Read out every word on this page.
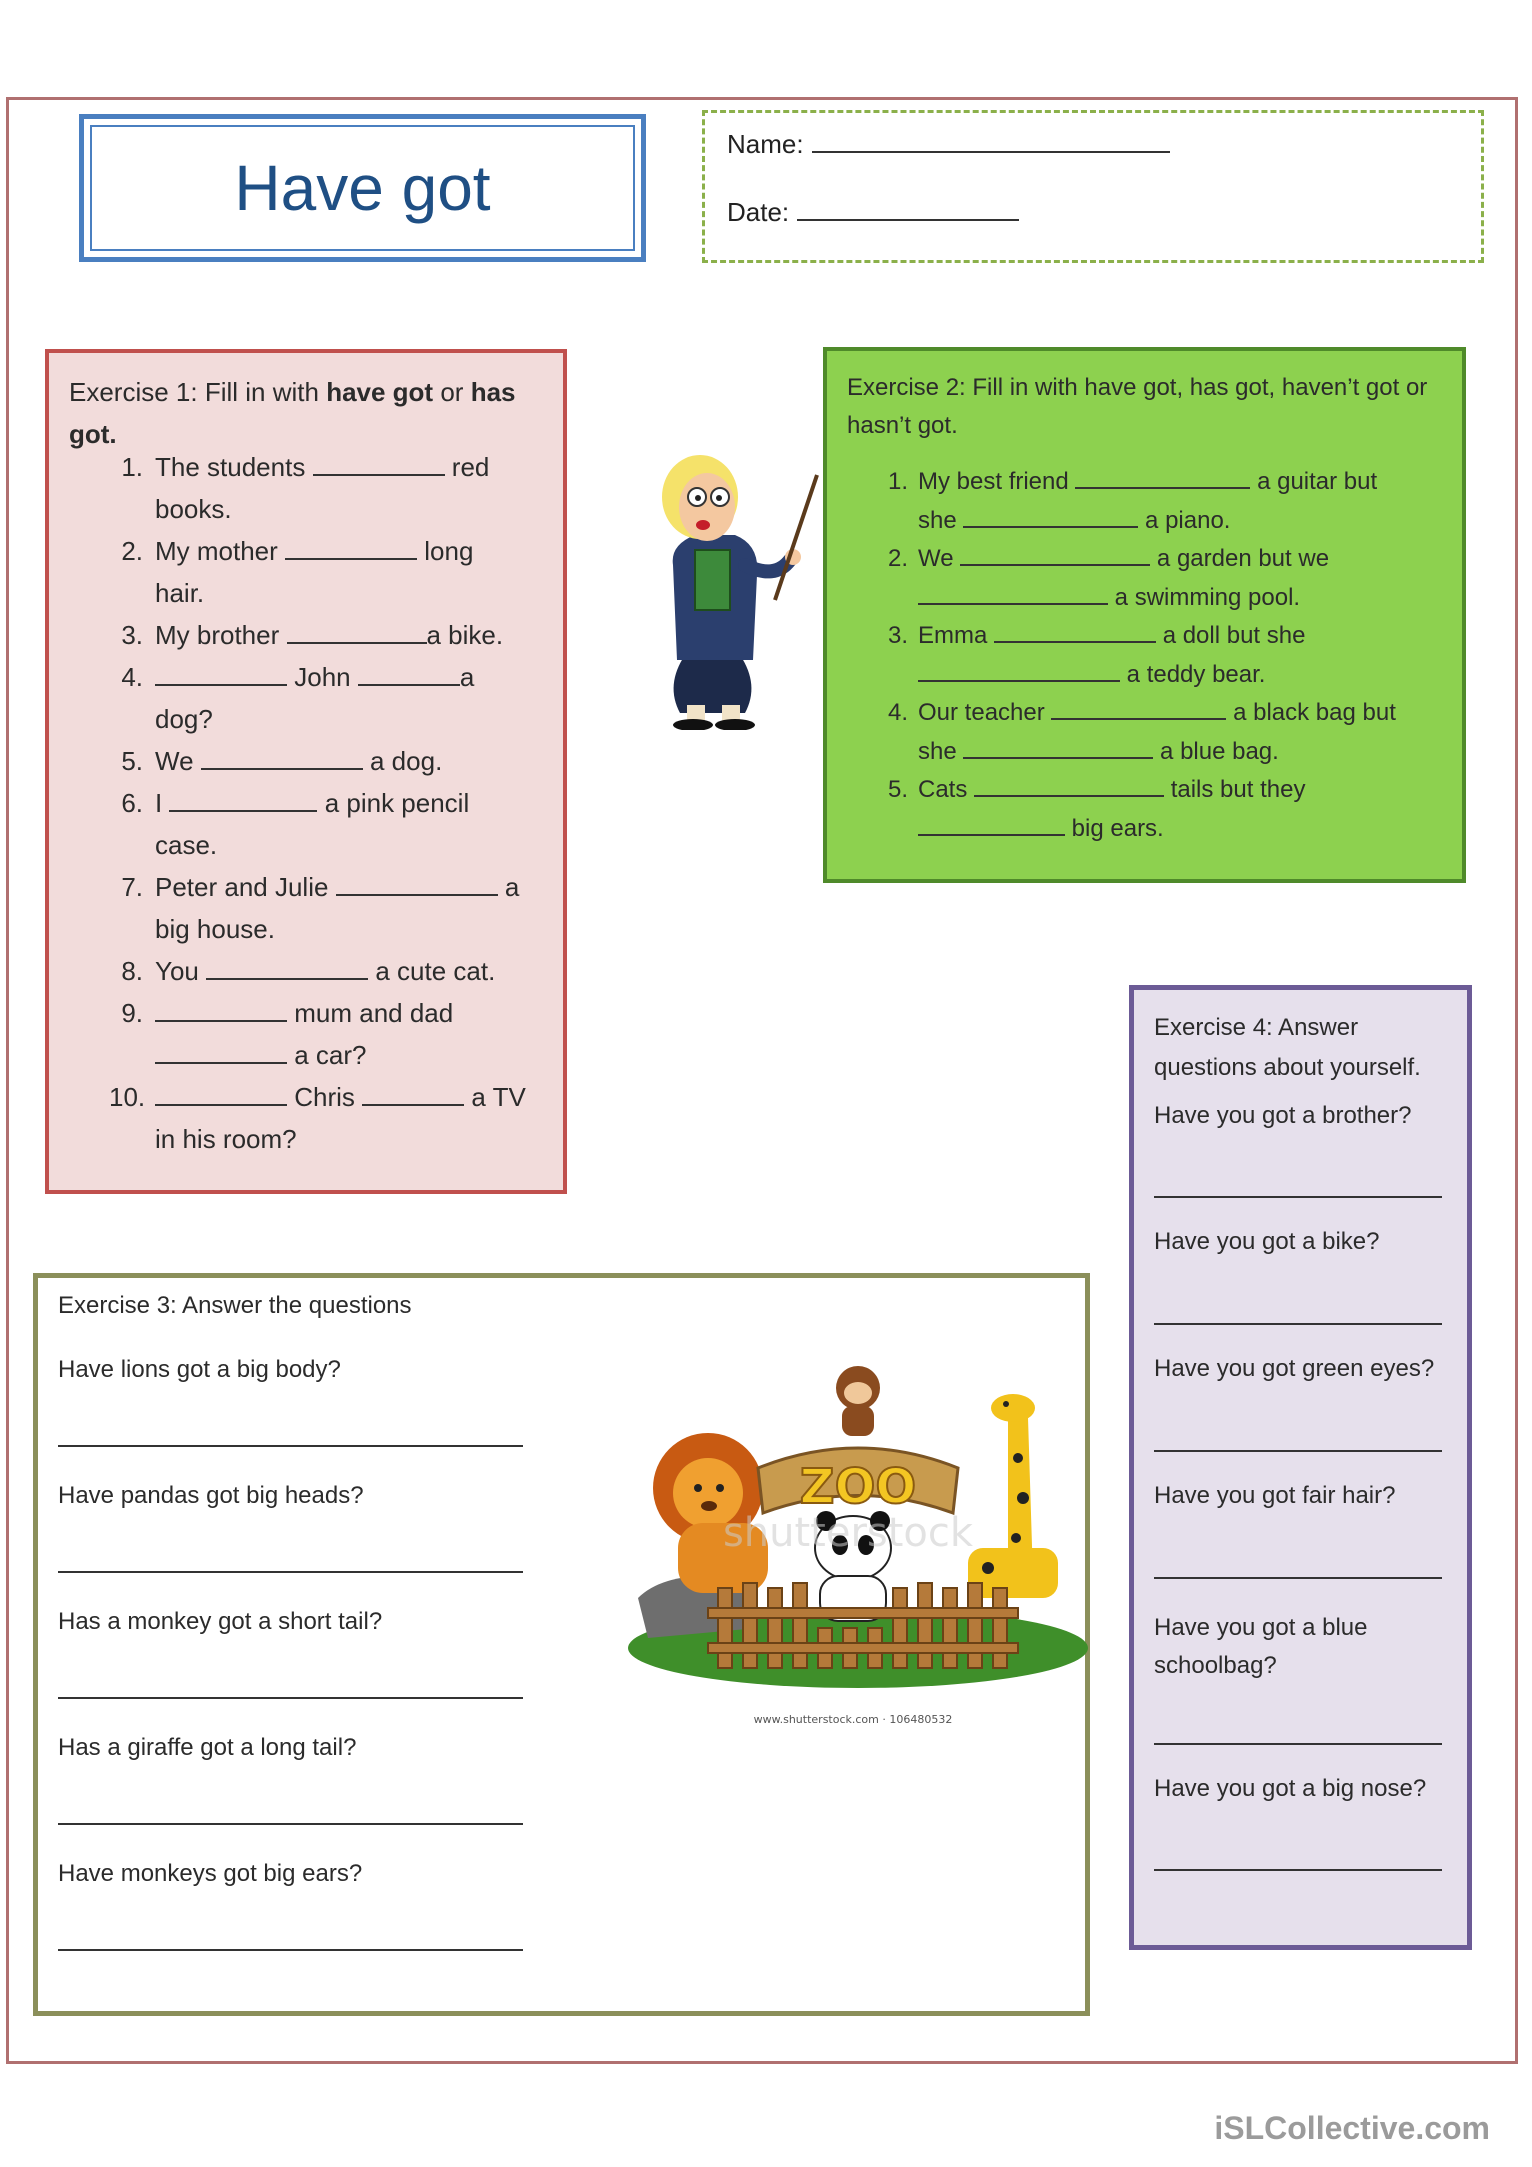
Have got
Name:
Date:
Exercise 1: Fill in with have got or has got.
1. The students	red
books.
2. My mother	long
hair.
3. My brother	a bike.
4.	John	a
dog?
5. We	a dog.
6. I	a pink pencil
case.
7. Peter and Julie	a
big house.
8. You	a cute cat.
9.	mum and dad
a car?
10.	Chris	a TV
in his room?
Exercise 2: Fill in with have got, has got, haven’t got or hasn’t got.
1. My best friend	a guitar but
she	a piano.
2. We	a garden but we
a swimming pool.
3. Emma	a doll but she
a teddy bear.
4. Our teacher	a black bag but
she	a blue bag.
5. Cats	tails but they
big ears.
Exercise 3: Answer the questions
Have lions got a big body?
Have pandas got big heads?
Has a monkey got a short tail?
Has a giraffe got a long tail?
Have monkeys got big ears?
ZOO
shutterstock
www.shutterstock.com · 106480532
Exercise 4: Answer questions about yourself.
Have you got a brother?
Have you got a bike?
Have you got green eyes?
Have you got fair hair?
Have you got a blue schoolbag?
Have you got a big nose?
iSLCollective.com
